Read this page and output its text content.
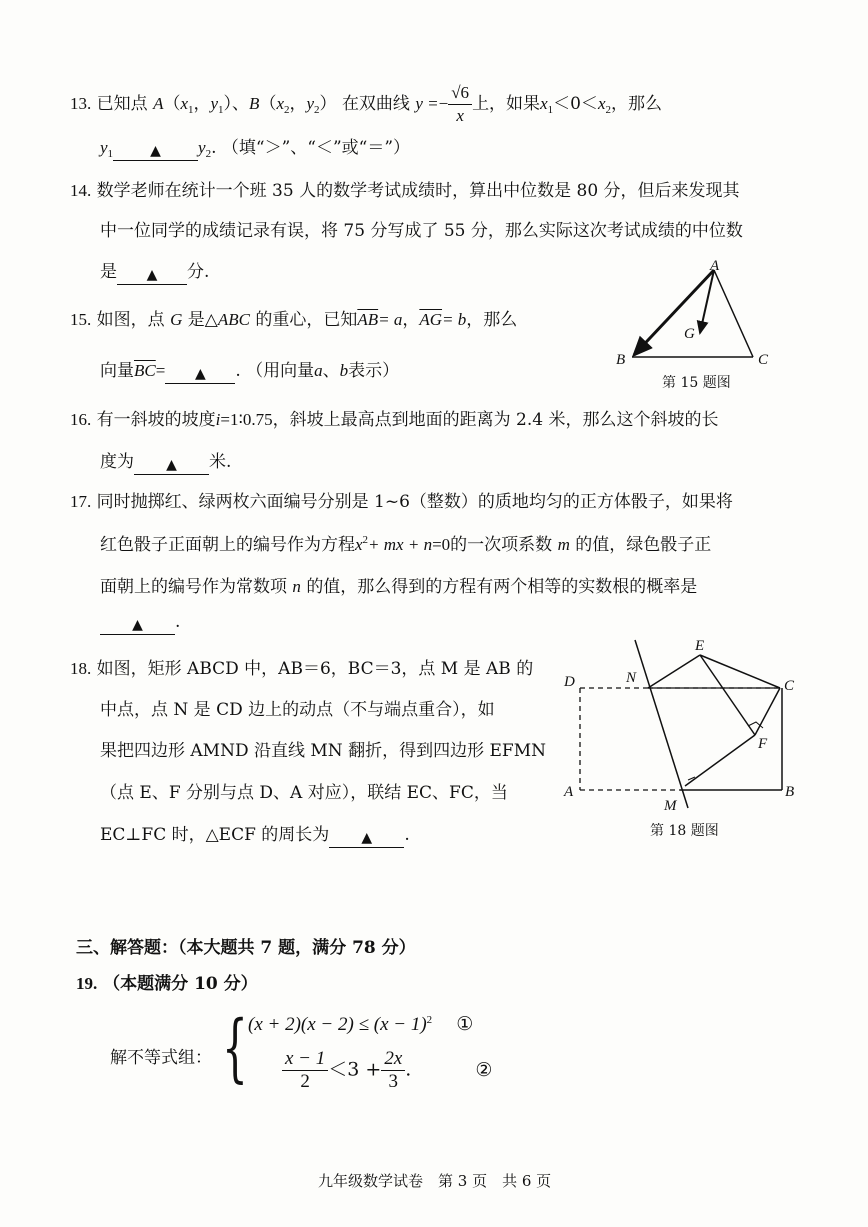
13. 已知点 $A(x_1$，$y_1$）、$B(x_2$，$y_2$） 在双曲线 $y =- \frac{√6}{x}$ 上，如果$x_1<0<x_2$，那么
$y_1$	▲ $y_2$. （填“＞”、“＜”或“＝”）
14. 数学老师在统计一个班 35 人的数学考试成绩时，算出中位数是 80 分，但后来发现其
中一位同学的成绩记录有误，将 75 分写成了 55 分，那么实际这次考试成绩的中位数
是 ▲ 分.
15. 如图，点 G 是△ABC 的重心，已知$\overline{AB}= a$，$\overline{AG}= b$，那么
向量$\overline{BC}=$ ▲ . （用向量a、b表示）
A
B	C
G
第 15 题图
16. 有一斜坡的坡度i=1∶0.75，斜坡上最高点到地面的距离为 2.4 米，那么这个斜坡的长
度为 ▲ 米.
17. 同时抛掷红、绿两枚六面编号分别是 1~6（整数）的质地均匀的正方体骰子，如果将
红色骰子正面朝上的编号作为方程$x^2+$ mx + n=0的一次项系数 m 的值，绿色骰子正
面朝上的编号作为常数项 n 的值，那么得到的方程有两个相等的实数根的概率是
▲ .
18. 如图，矩形 ABCD 中，AB＝6，BC＝3，点 M 是 AB 的
中点，点 N 是 CD 边上的动点（不与端点重合），如
果把四边形 AMND 沿直线 MN 翻折，得到四边形 EFMN
（点 E、F 分别与点 D、A 对应），联结 EC、FC，当
EC⊥FC 时，△ECF 的周长为 ▲ .
D	N
E
C
F
A
M
B
第 18 题图
三、解答题：（本大题共 7 题，满分 78 分）
19. （本题满分 10 分）
解不等式组： { $(x + 2)(x - 2) \le (x - 1)^2$ ①
$\frac{x - 1}{2} <3 + \frac{2x}{3}$ .	②
九年级数学试卷　第 3 页　共 6 页
